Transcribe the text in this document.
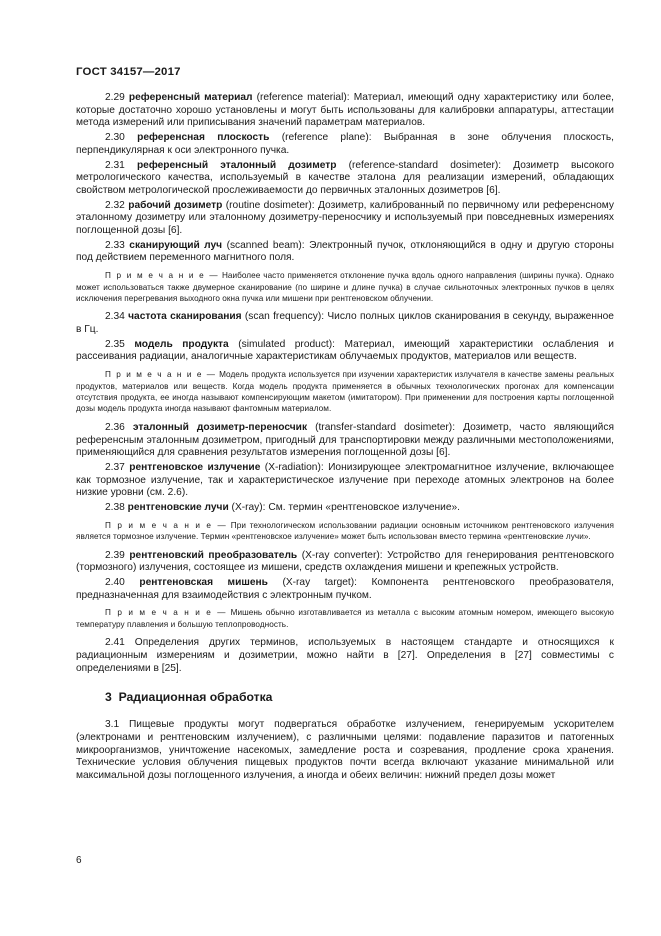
ГОСТ 34157—2017
2.29 референсный материал (reference material): Материал, имеющий одну характеристику или более, которые достаточно хорошо установлены и могут быть использованы для калибровки аппаратуры, аттестации метода измерений или приписывания значений параметрам материалов.
2.30 референсная плоскость (reference plane): Выбранная в зоне облучения плоскость, перпендикулярная к оси электронного пучка.
2.31 референсный эталонный дозиметр (reference-standard dosimeter): Дозиметр высокого метрологического качества, используемый в качестве эталона для реализации измерений, обладающих свойством метрологической прослеживаемости до первичных эталонных дозиметров [6].
2.32 рабочий дозиметр (routine dosimeter): Дозиметр, калиброванный по первичному или референсному эталонному дозиметру или эталонному дозиметру-переносчику и используемый при повседневных измерениях поглощенной дозы [6].
2.33 сканирующий луч (scanned beam): Электронный пучок, отклоняющийся в одну и другую стороны под действием переменного магнитного поля.
П р и м е ч а н и е — Наиболее часто применяется отклонение пучка вдоль одного направления (ширины пучка). Однако может использоваться также двумерное сканирование (по ширине и длине пучка) в случае сильноточных электронных пучков в целях исключения перегревания выходного окна пучка или мишени при рентгеновском облучении.
2.34 частота сканирования (scan frequency): Число полных циклов сканирования в секунду, выраженное в Гц.
2.35 модель продукта (simulated product): Материал, имеющий характеристики ослабления и рассеивания радиации, аналогичные характеристикам облучаемых продуктов, материалов или веществ.
П р и м е ч а н и е — Модель продукта используется при изучении характеристик излучателя в качестве замены реальных продуктов, материалов или веществ. Когда модель продукта применяется в обычных технологических прогонах для компенсации отсутствия продукта, ее иногда называют компенсирующим макетом (имитатором). При применении для построения карты поглощенной дозы модель продукта иногда называют фантомным материалом.
2.36 эталонный дозиметр-переносчик (transfer-standard dosimeter): Дозиметр, часто являющийся референсным эталонным дозиметром, пригодный для транспортировки между различными местоположениями, применяющийся для сравнения результатов измерения поглощенной дозы [6].
2.37 рентгеновское излучение (X-radiation): Ионизирующее электромагнитное излучение, включающее как тормозное излучение, так и характеристическое излучение при переходе атомных электронов на более низкие уровни (см. 2.6).
2.38 рентгеновские лучи (X-ray): См. термин «рентгеновское излучение».
П р и м е ч а н и е — При технологическом использовании радиации основным источником рентгеновского излучения является тормозное излучение. Термин «рентгеновское излучение» может быть использован вместо термина «рентгеновские лучи».
2.39 рентгеновский преобразователь (X-ray converter): Устройство для генерирования рентгеновского (тормозного) излучения, состоящее из мишени, средств охлаждения мишени и крепежных устройств.
2.40 рентгеновская мишень (X-ray target): Компонента рентгеновского преобразователя, предназначенная для взаимодействия с электронным пучком.
П р и м е ч а н и е — Мишень обычно изготавливается из металла с высоким атомным номером, имеющего высокую температуру плавления и большую теплопроводность.
2.41 Определения других терминов, используемых в настоящем стандарте и относящихся к радиационным измерениям и дозиметрии, можно найти в [27]. Определения в [27] совместимы с определениями в [25].
3 Радиационная обработка
3.1 Пищевые продукты могут подвергаться обработке излучением, генерируемым ускорителем (электронами и рентгеновским излучением), с различными целями: подавление паразитов и патогенных микроорганизмов, уничтожение насекомых, замедление роста и созревания, продление срока хранения. Технические условия облучения пищевых продуктов почти всегда включают указание минимальной или максимальной дозы поглощенного излучения, а иногда и обеих величин: нижний предел дозы может
6
